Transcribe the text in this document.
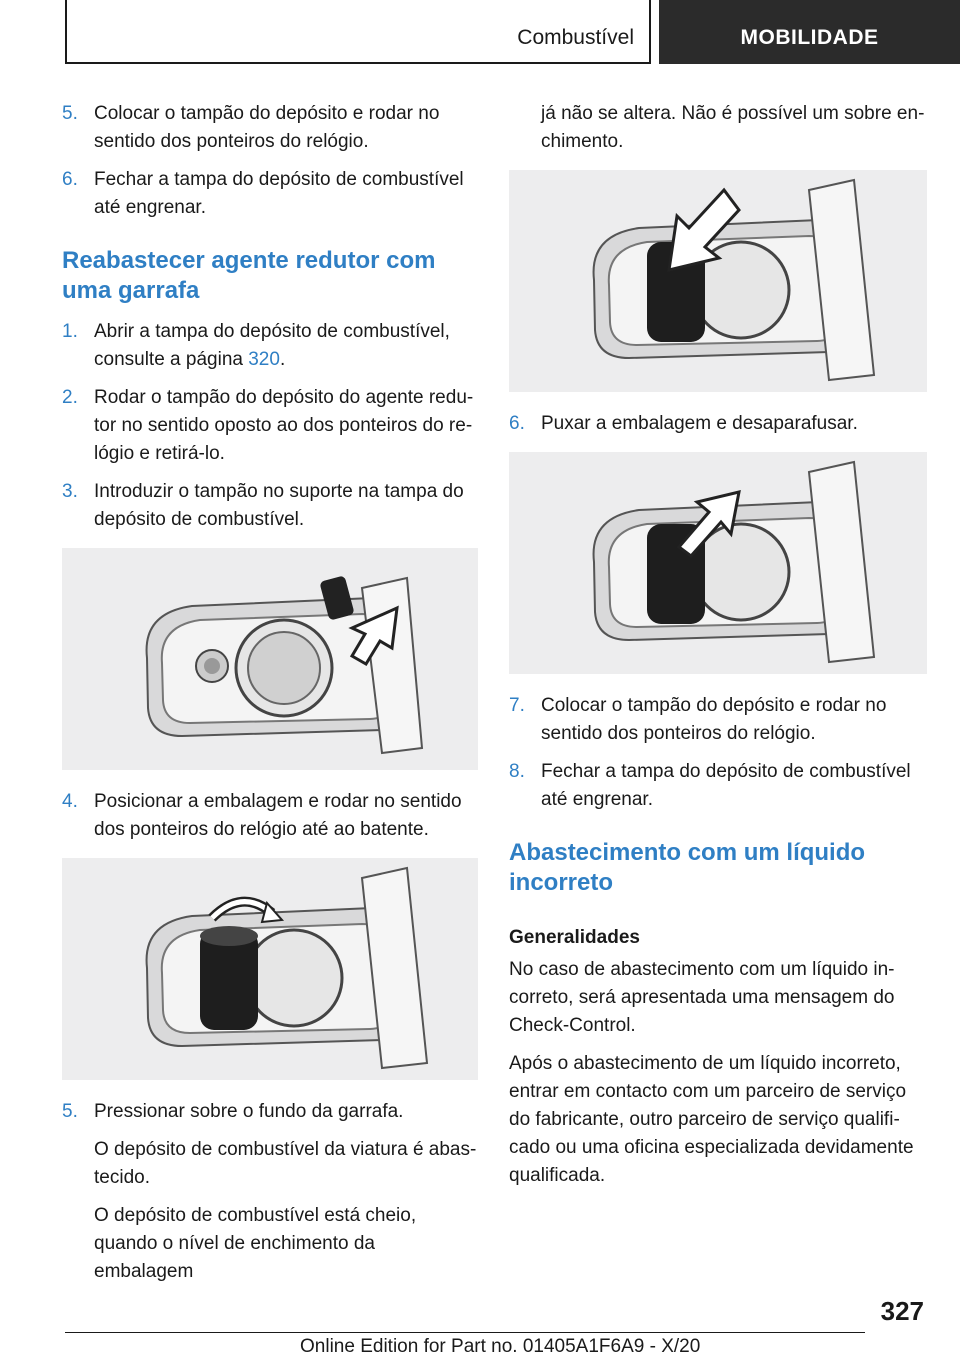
Combustível	MOBILIDADE
5. Colocar o tampão do depósito e rodar no sentido dos ponteiros do relógio.
6. Fechar a tampa do depósito de combustível até engrenar.
Reabastecer agente redutor com uma garrafa
1. Abrir a tampa do depósito de combustível, consulte a página 320.
2. Rodar o tampão do depósito do agente redutor no sentido oposto ao dos ponteiros do relógio e retirá-lo.
3. Introduzir o tampão no suporte na tampa do depósito de combustível.
4. Posicionar a embalagem e rodar no sentido dos ponteiros do relógio até ao batente.
5. Pressionar sobre o fundo da garrafa.

O depósito de combustível da viatura é abastecido.

O depósito de combustível está cheio, quando o nível de enchimento da embalagem

já não se altera. Não é possível um sobre enchimento.

6. Puxar a embalagem e desaparafusar.
7. Colocar o tampão do depósito e rodar no sentido dos ponteiros do relógio.
8. Fechar a tampa do depósito de combustível até engrenar.
Abastecimento com um líquido incorreto
Generalidades

No caso de abastecimento com um líquido incorreto, será apresentada uma mensagem do Check-Control.

Após o abastecimento de um líquido incorreto, entrar em contacto com um parceiro de serviço do fabricante, outro parceiro de serviço qualificado ou uma oficina especializada devidamente qualificada.

327
Online Edition for Part no. 01405A1F6A9 - X/20
